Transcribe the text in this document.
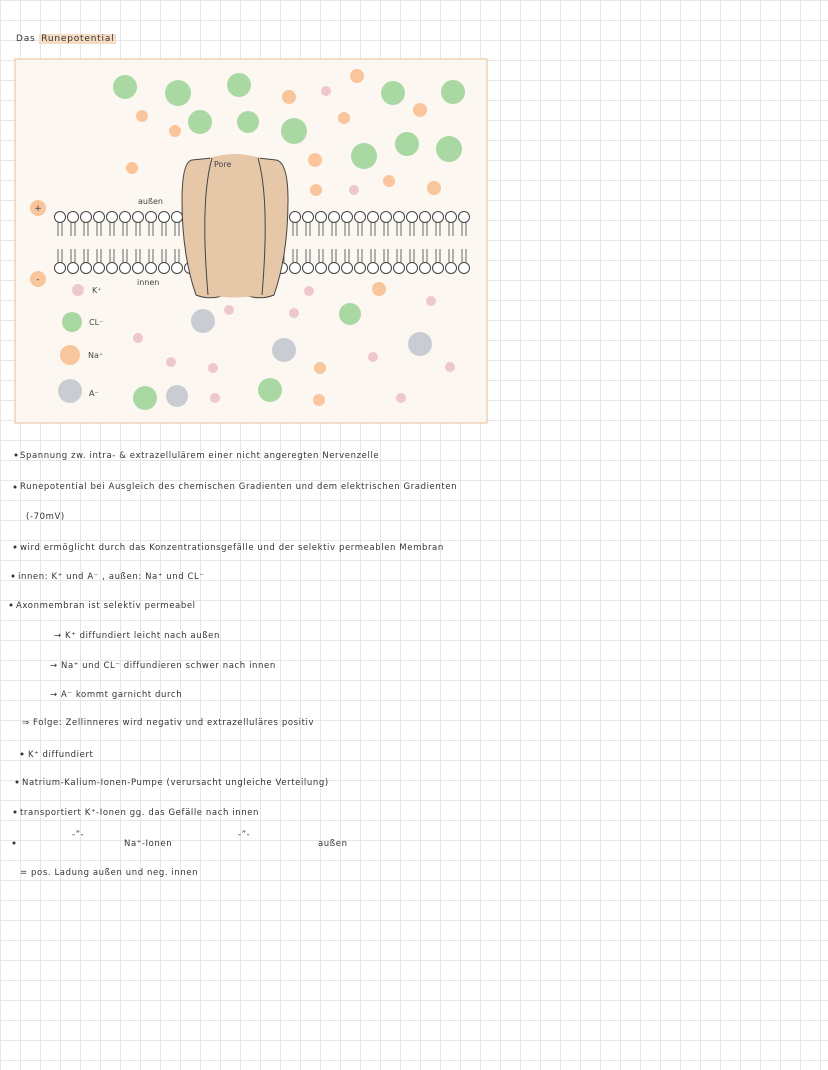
Das Runepotential
Pore
außen
innen
+
-
K⁺
CL⁻
Na⁺
A⁻
Spannung zw. intra- & extrazellulärem einer nicht angeregten Nervenzelle
Runepotential bei Ausgleich des chemischen Gradienten und dem elektrischen Gradienten
(-70mV)
wird ermöglicht durch das Konzentrationsgefälle und der selektiv permeablen Membran
innen: K⁺ und A⁻ , außen: Na⁺ und CL⁻
Axonmembran ist selektiv permeabel
→ K⁺ diffundiert leicht nach außen
→ Na⁺ und CL⁻ diffundieren schwer nach innen
→ A⁻ kommt garnicht durch
⇒ Folge: Zellinneres wird negativ und extrazelluläres positiv
K⁺ diffundiert
Natrium-Kalium-Ionen-Pumpe (verursacht ungleiche Verteilung)
transportiert K⁺-Ionen gg. das Gefälle nach innen
-”-
Na⁺-Ionen
-”-
außen
= pos. Ladung außen und neg. innen
